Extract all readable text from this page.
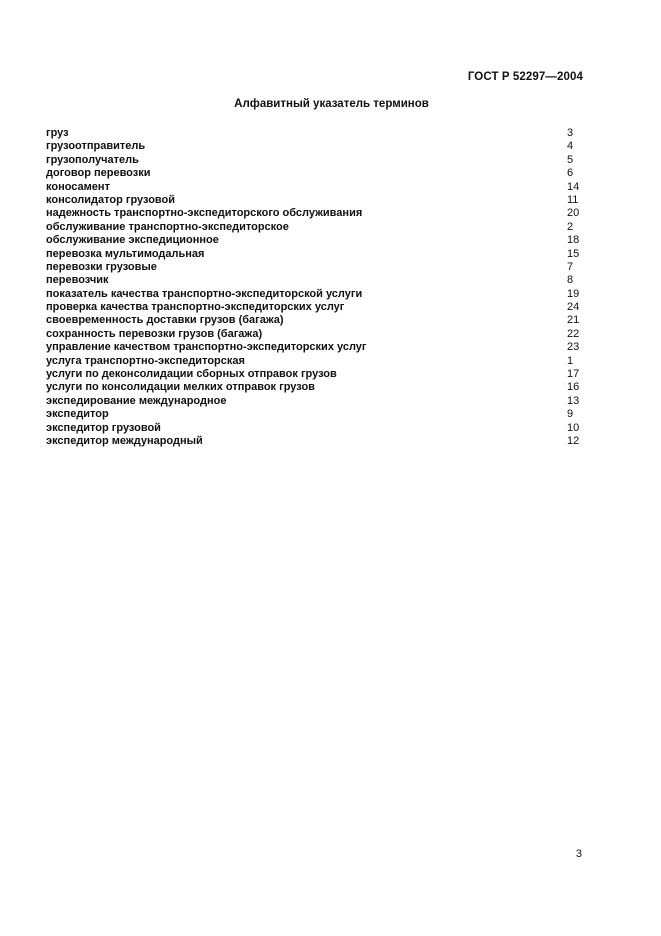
ГОСТ Р 52297—2004
Алфавитный указатель терминов
груз	3
грузоотправитель	4
грузополучатель	5
договор перевозки	6
коносамент	14
консолидатор грузовой	11
надежность транспортно-экспедиторского обслуживания	20
обслуживание транспортно-экспедиторское	2
обслуживание экспедиционное	18
перевозка мультимодальная	15
перевозки грузовые	7
перевозчик	8
показатель качества транспортно-экспедиторской услуги	19
проверка качества транспортно-экспедиторских услуг	24
своевременность доставки грузов (багажа)	21
сохранность перевозки грузов (багажа)	22
управление качеством транспортно-экспедиторских услуг	23
услуга транспортно-экспедиторская	1
услуги по деконсолидации сборных отправок грузов	17
услуги по консолидации мелких отправок грузов	16
экспедирование международное	13
экспедитор	9
экспедитор грузовой	10
экспедитор международный	12
3
